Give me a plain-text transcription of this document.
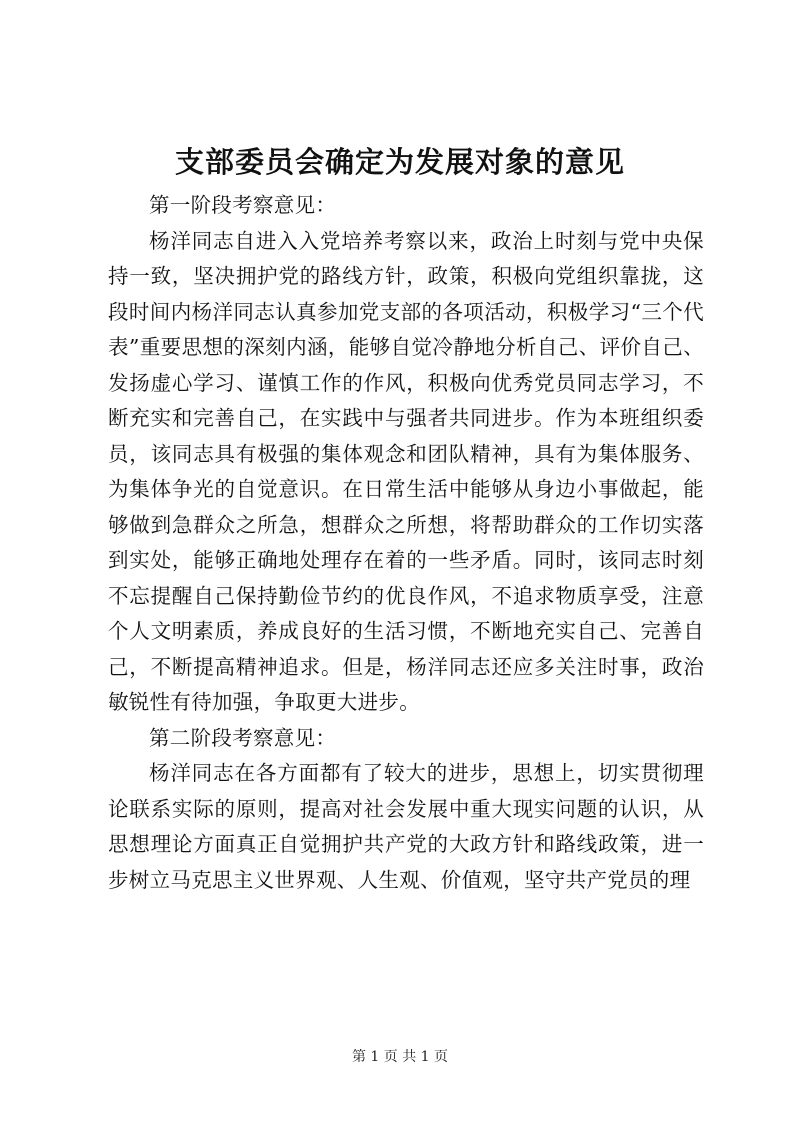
支部委员会确定为发展对象的意见

第一阶段考察意见：

杨洋同志自进入入党培养考察以来，政治上时刻与党中央保持一致，坚决拥护党的路线方针，政策，积极向党组织靠拢，这段时间内杨洋同志认真参加党支部的各项活动，积极学习“三个代表”重要思想的深刻内涵，能够自觉冷静地分析自己、评价自己、发扬虚心学习、谨慎工作的作风，积极向优秀党员同志学习，不断充实和完善自己，在实践中与强者共同进步。作为本班组织委员，该同志具有极强的集体观念和团队精神，具有为集体服务、为集体争光的自觉意识。在日常生活中能够从身边小事做起，能够做到急群众之所急，想群众之所想，将帮助群众的工作切实落到实处，能够正确地处理存在着的一些矛盾。同时，该同志时刻不忘提醒自己保持勤俭节约的优良作风，不追求物质享受，注意个人文明素质，养成良好的生活习惯，不断地充实自己、完善自己，不断提高精神追求。但是，杨洋同志还应多关注时事，政治敏锐性有待加强，争取更大进步。

第二阶段考察意见：

杨洋同志在各方面都有了较大的进步，思想上，切实贯彻理论联系实际的原则，提高对社会发展中重大现实问题的认识，从思想理论方面真正自觉拥护共产党的大政方针和路线政策，进一步树立马克思主义世界观、人生观、价值观，坚守共产党员的理

第 1 页 共 1 页
